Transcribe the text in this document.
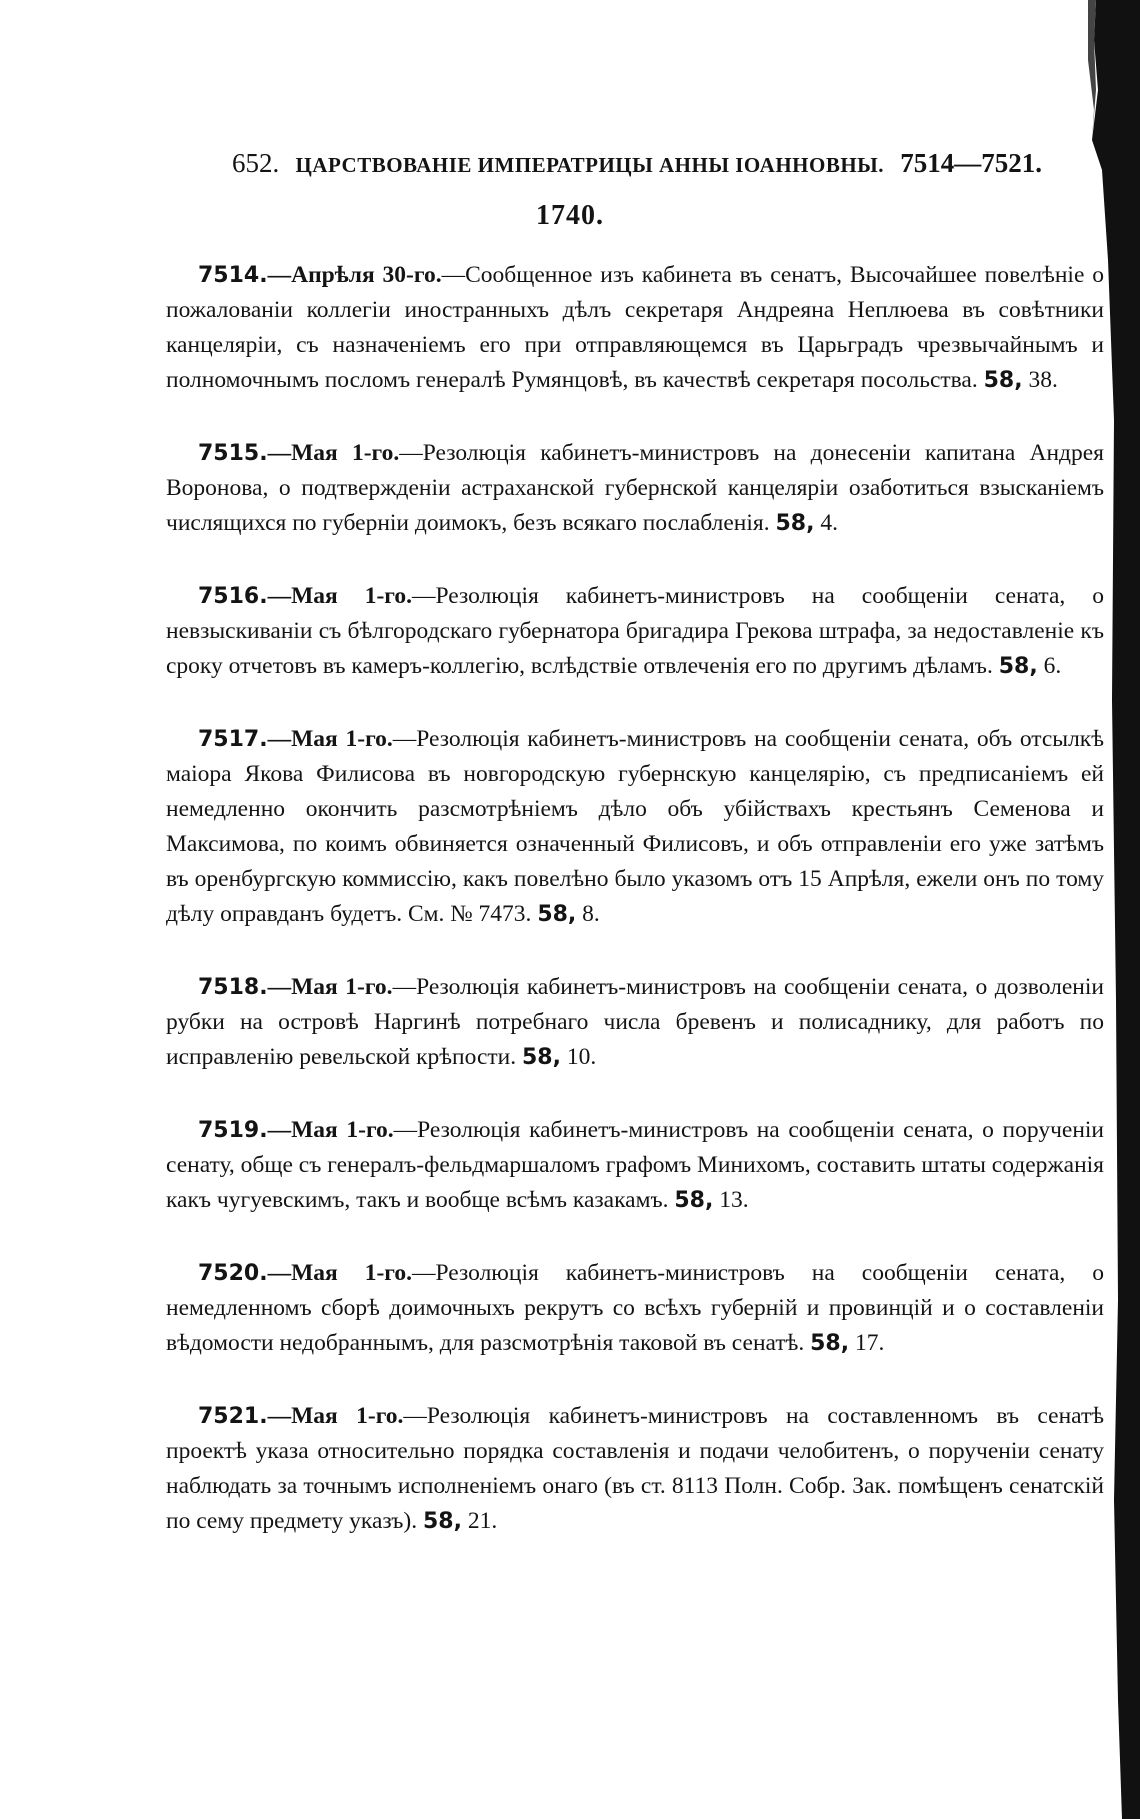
652. ЦАРСТВОВАНІЕ ИМПЕРАТРИЦЫ АННЫ ІОАННОВНЫ. 7514—7521.
1740.

7514.—Апрѣля 30-го.—Сообщенное изъ кабинета въ сенатъ, Высочайшее повелѣніе о пожалованіи коллегіи иностранныхъ дѣлъ секретаря Андреяна Неплюева въ совѣтники канцеляріи, съ назначеніемъ его при отправляющемся въ Царьградъ чрезвычайнымъ и полномочнымъ посломъ генералѣ Румянцовѣ, въ качествѣ секретаря посольства. 58, 38.

7515.—Мая 1-го.—Резолюція кабинетъ-министровъ на донесеніи капитана Андрея Воронова, о подтвержденіи астраханской губернской канцеляріи озаботиться взысканіемъ числящихся по губерніи доимокъ, безъ всякаго послабленія. 58, 4.

7516.—Мая 1-го.—Резолюція кабинетъ-министровъ на сообщеніи сената, о невзыскиваніи съ бѣлгородскаго губернатора бригадира Грекова штрафа, за недоставленіе къ сроку отчетовъ въ камеръ-коллегію, вслѣдствіе отвлеченія его по другимъ дѣламъ. 58, 6.

7517.—Мая 1-го.—Резолюція кабинетъ-министровъ на сообщеніи сената, объ отсылкѣ маіора Якова Филисова въ новгородскую губернскую канцелярію, съ предписаніемъ ей немедленно окончить разсмотрѣніемъ дѣло объ убійствахъ крестьянъ Семенова и Максимова, по коимъ обвиняется означенный Филисовъ, и объ отправленіи его уже затѣмъ въ оренбургскую коммиссію, какъ повелѣно было указомъ отъ 15 Апрѣля, ежели онъ по тому дѣлу оправданъ будетъ. См. № 7473. 58, 8.

7518.—Мая 1-го.—Резолюція кабинетъ-министровъ на сообщеніи сената, о дозволеніи рубки на островѣ Наргинѣ потребнаго числа бревенъ и полисаднику, для работъ по исправленію ревельской крѣпости. 58, 10.

7519.—Мая 1-го.—Резолюція кабинетъ-министровъ на сообщеніи сената, о порученіи сенату, обще съ генералъ-фельдмаршаломъ графомъ Минихомъ, составить штаты содержанія какъ чугуевскимъ, такъ и вообще всѣмъ казакамъ. 58, 13.

7520.—Мая 1-го.—Резолюція кабинетъ-министровъ на сообщеніи сената, о немедленномъ сборѣ доимочныхъ рекрутъ со всѣхъ губерній и провинцій и о составленіи вѣдомости недобраннымъ, для разсмотрѣнія таковой въ сенатѣ. 58, 17.

7521.—Мая 1-го.—Резолюція кабинетъ-министровъ на составленномъ въ сенатѣ проектѣ указа относительно порядка составленія и подачи челобитенъ, о порученіи сенату наблюдать за точнымъ исполненіемъ онаго (въ ст. 8113 Полн. Собр. Зак. помѣщенъ сенатскій по сему предмету указъ). 58, 21.
